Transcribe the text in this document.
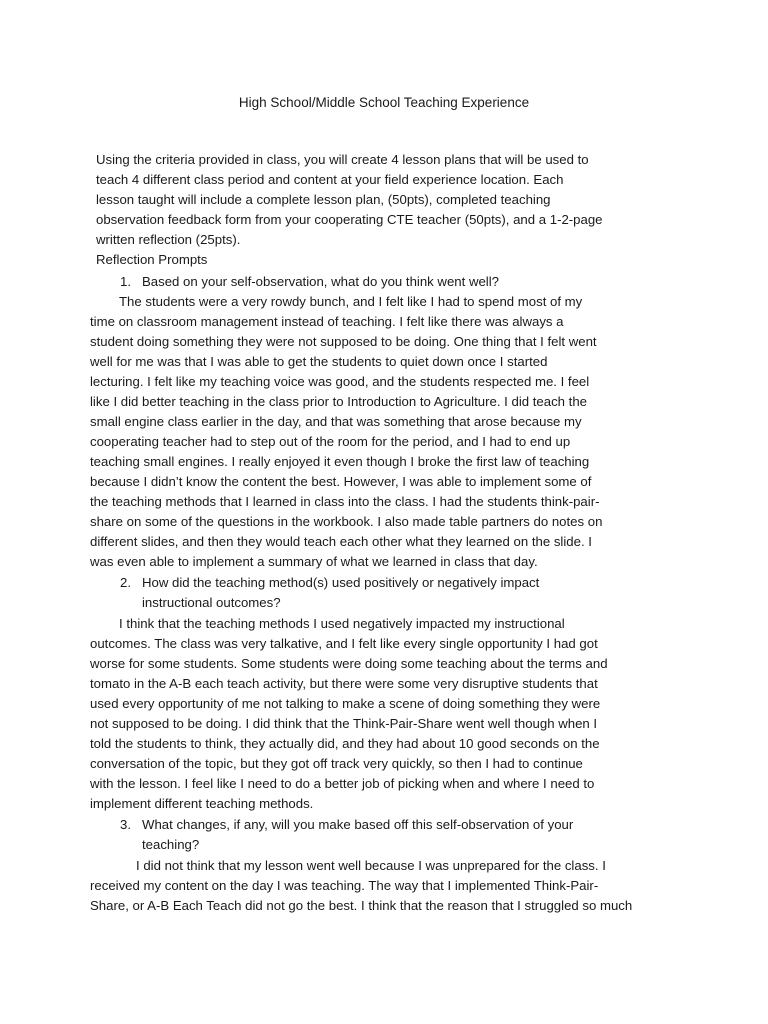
High School/Middle School Teaching Experience
Using the criteria provided in class, you will create 4 lesson plans that will be used to
teach 4 different class period and content at your field experience location. Each
lesson taught will include a complete lesson plan, (50pts), completed teaching
observation feedback form from your cooperating CTE teacher (50pts), and a 1-2-page
written reflection (25pts).
Reflection Prompts
1. Based on your self-observation, what do you think went well?
The students were a very rowdy bunch, and I felt like I had to spend most of my
time on classroom management instead of teaching. I felt like there was always a
student doing something they were not supposed to be doing. One thing that I felt went
well for me was that I was able to get the students to quiet down once I started
lecturing. I felt like my teaching voice was good, and the students respected me. I feel
like I did better teaching in the class prior to Introduction to Agriculture. I did teach the
small engine class earlier in the day, and that was something that arose because my
cooperating teacher had to step out of the room for the period, and I had to end up
teaching small engines. I really enjoyed it even though I broke the first law of teaching
because I didn’t know the content the best. However, I was able to implement some of
the teaching methods that I learned in class into the class. I had the students think-pair-
share on some of the questions in the workbook. I also made table partners do notes on
different slides, and then they would teach each other what they learned on the slide. I
was even able to implement a summary of what we learned in class that day.
2. How did the teaching method(s) used positively or negatively impact
instructional outcomes?
I think that the teaching methods I used negatively impacted my instructional
outcomes. The class was very talkative, and I felt like every single opportunity I had got
worse for some students. Some students were doing some teaching about the terms and
tomato in the A-B each teach activity, but there were some very disruptive students that
used every opportunity of me not talking to make a scene of doing something they were
not supposed to be doing. I did think that the Think-Pair-Share went well though when I
told the students to think, they actually did, and they had about 10 good seconds on the
conversation of the topic, but they got off track very quickly, so then I had to continue
with the lesson. I feel like I need to do a better job of picking when and where I need to
implement different teaching methods.
3. What changes, if any, will you make based off this self-observation of your
teaching?
I did not think that my lesson went well because I was unprepared for the class. I
received my content on the day I was teaching. The way that I implemented Think-Pair-
Share, or A-B Each Teach did not go the best. I think that the reason that I struggled so much
